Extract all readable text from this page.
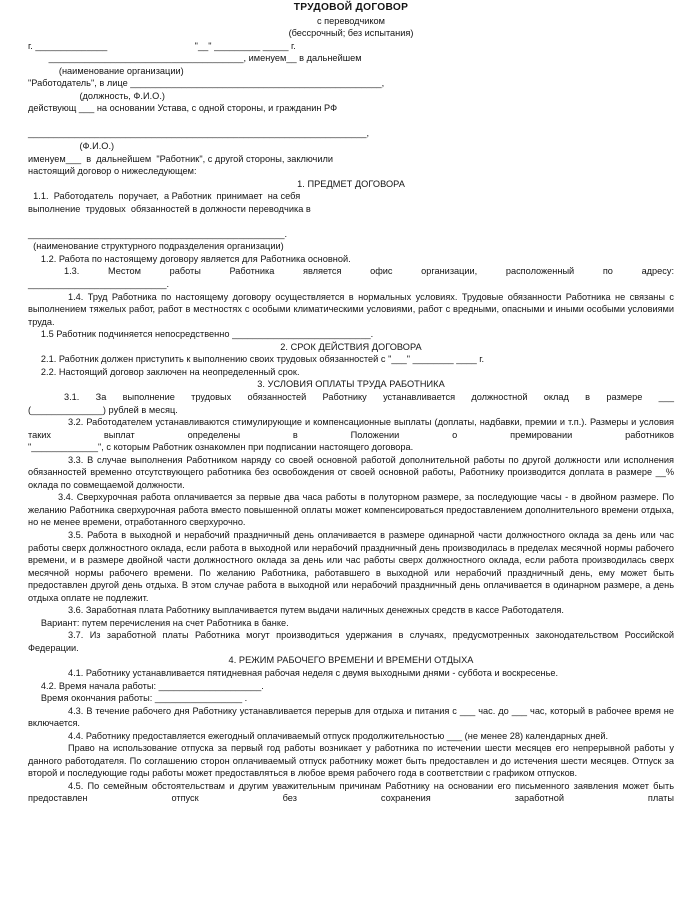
ТРУДОВОЙ ДОГОВОР
с переводчиком
(бессрочный; без испытания)
г. ______________                                  "__" _________ _____ г.
______________________________________, именуем__ в дальнейшем
(наименование организации)
"Работодатель", в лице _________________________________________________,
(должность, Ф.И.О.)
действующ ___ на основании Устава, с одной стороны, и гражданин РФ
__________________________________________________________________,
(Ф.И.О.)
именуем___  в  дальнейшем  "Работник", с другой стороны, заключили
настоящий договор о нижеследующем:
1. ПРЕДМЕТ ДОГОВОРА
1.1.  Работодатель  поручает,  а Работник  принимает  на себя
выполнение  трудовых  обязанностей в должности переводчика в
__________________________________________________.
(наименование структурного подразделения организации)
1.2. Работа по настоящему договору является для Работника основной.
1.3. Местом работы Работника является офис организации, расположенный по адресу:
___________________________.
1.4. Труд Работника по настоящему договору осуществляется в нормальных условиях. Трудовые обязанности Работника не связаны с выполнением тяжелых работ, работ в местностях с особыми климатическими условиями, работ с вредными, опасными и иными особыми условиями труда.
1.5 Работник подчиняется непосредственно ___________________________.
2. СРОК ДЕЙСТВИЯ ДОГОВОРА
2.1. Работник должен приступить к выполнению своих трудовых обязанностей с "___" ________ ____ г.
2.2. Настоящий договор заключен на неопределенный срок.
3. УСЛОВИЯ ОПЛАТЫ ТРУДА РАБОТНИКА
3.1. За выполнение трудовых обязанностей Работнику устанавливается должностной оклад в размере ___
(______________) рублей в месяц.
3.2. Работодателем устанавливаются стимулирующие и компенсационные выплаты (доплаты, надбавки, премии и т.п.). Размеры и условия таких выплат определены в Положении о премировании работников
"_____________", с которым Работник ознакомлен при подписании настоящего договора.
3.3. В случае выполнения Работником наряду со своей основной работой дополнительной работы по другой должности или исполнения обязанностей временно отсутствующего работника без освобождения от своей основной работы, Работнику производится доплата в размере __% оклада по совмещаемой должности.
3.4. Сверхурочная работа оплачивается за первые два часа работы в полуторном размере, за последующие часы - в двойном размере. По желанию Работника сверхурочная работа вместо повышенной оплаты может компенсироваться предоставлением дополнительного времени отдыха, но не менее времени, отработанного сверхурочно.
3.5. Работа в выходной и нерабочий праздничный день оплачивается в размере одинарной части должностного оклада за день или час работы сверх должностного оклада, если работа в выходной или нерабочий праздничный день производилась в пределах месячной нормы рабочего времени, и в размере двойной части должностного оклада за день или час работы сверх должностного оклада, если работа производилась сверх месячной нормы рабочего времени. По желанию Работника, работавшего в выходной или нерабочий праздничный день, ему может быть предоставлен другой день отдыха. В этом случае работа в выходной или нерабочий праздничный день оплачивается в одинарном размере, а день отдыха оплате не подлежит.
3.6. Заработная плата Работнику выплачивается путем выдачи наличных денежных средств в кассе Работодателя.
Вариант: путем перечисления на счет Работника в банке.
3.7. Из заработной платы Работника могут производиться удержания в случаях, предусмотренных законодательством Российской Федерации.
4. РЕЖИМ РАБОЧЕГО ВРЕМЕНИ И ВРЕМЕНИ ОТДЫХА
4.1. Работнику устанавливается пятидневная рабочая неделя с двумя выходными днями - суббота и воскресенье.
4.2. Время начала работы: ____________________.
Время окончания работы: _________________ .
4.3. В течение рабочего дня Работнику устанавливается перерыв для отдыха и питания с ___ час. до ___ час, который в рабочее время не включается.
4.4. Работнику предоставляется ежегодный оплачиваемый отпуск продолжительностью ___ (не менее 28) календарных дней.
Право на использование отпуска за первый год работы возникает у работника по истечении шести месяцев его непрерывной работы у данного работодателя. По соглашению сторон оплачиваемый отпуск работнику может быть предоставлен и до истечения шести месяцев. Отпуск за второй и последующие годы работы может предоставляться в любое время рабочего года в соответствии с графиком отпусков.
4.5. По семейным обстоятельствам и другим уважительным причинам Работнику на основании его письменного заявления может быть предоставлен отпуск без сохранения заработной платы
